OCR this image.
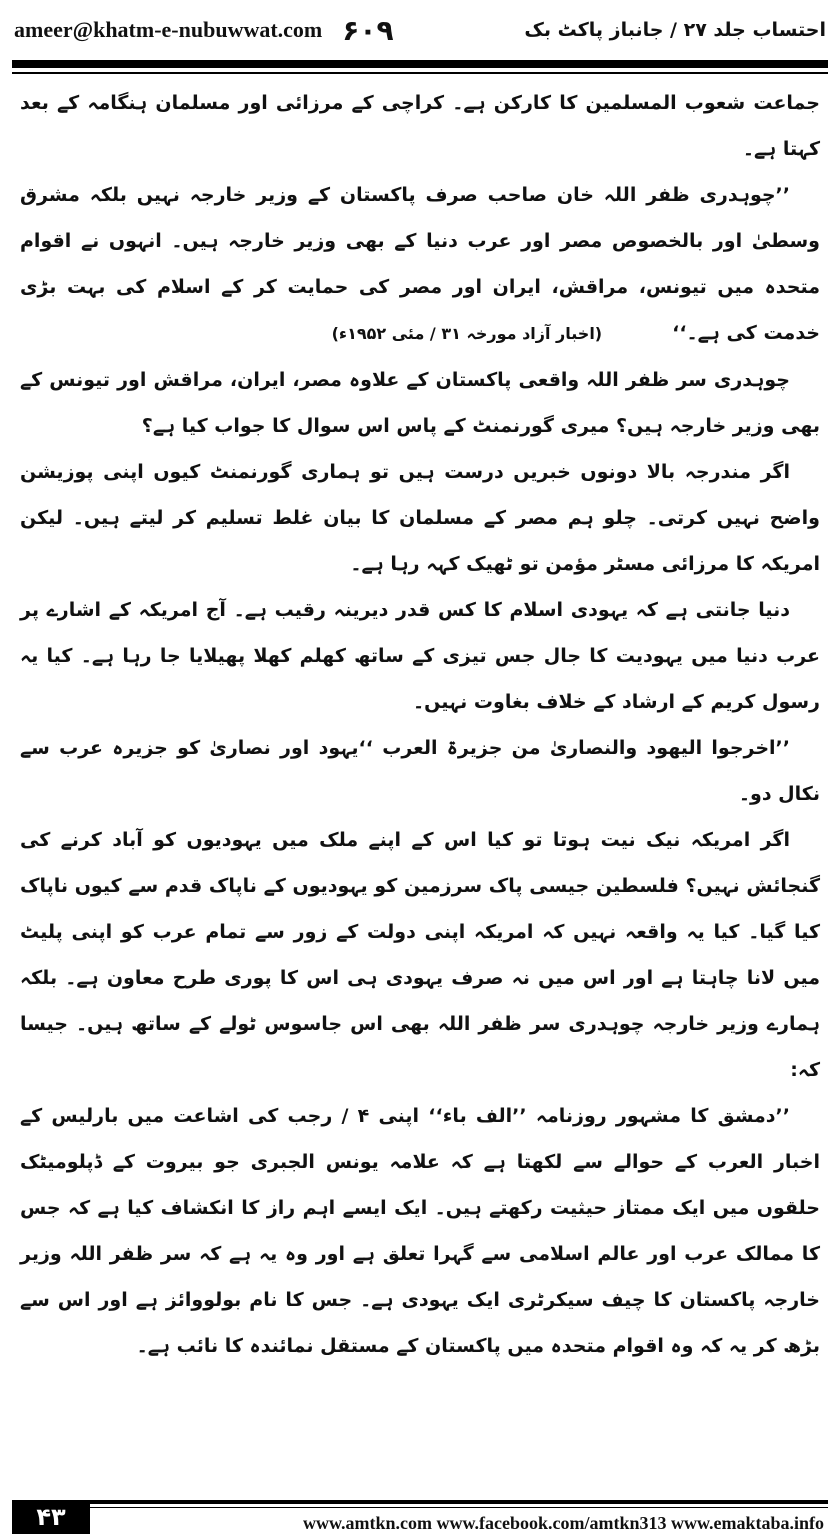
ameer@khatm-e-nubuwwat.com ۶۰۹	احتساب جلد ۲۷ / جانباز پاکٹ بک

جماعت شعوب المسلمین کا کارکن ہے۔ کراچی کے مرزائی اور مسلمان ہنگامہ کے بعد کہتا ہے۔

’’چوہدری ظفر اللہ خان صاحب صرف پاکستان کے وزیر خارجہ نہیں بلکہ مشرق وسطیٰ اور بالخصوص مصر اور عرب دنیا کے بھی وزیر خارجہ ہیں۔ انہوں نے اقوام متحدہ میں تیونس، مراقش، ایران اور مصر کی حمایت کر کے اسلام کی بہت بڑی خدمت کی ہے۔‘‘(اخبار آزاد مورخہ ۳۱ / مئی ۱۹۵۲ء)

چوہدری سر ظفر اللہ واقعی پاکستان کے علاوہ مصر، ایران، مراقش اور تیونس کے بھی وزیر خارجہ ہیں؟ میری گورنمنٹ کے پاس اس سوال کا جواب کیا ہے؟

اگر مندرجہ بالا دونوں خبریں درست ہیں تو ہماری گورنمنٹ کیوں اپنی پوزیشن واضح نہیں کرتی۔ چلو ہم مصر کے مسلمان کا بیان غلط تسلیم کر لیتے ہیں۔ لیکن امریکہ کا مرزائی مسٹر مؤمن تو ٹھیک کہہ رہا ہے۔

دنیا جانتی ہے کہ یہودی اسلام کا کس قدر دیرینہ رقیب ہے۔ آج امریکہ کے اشارے پر عرب دنیا میں یہودیت کا جال جس تیزی کے ساتھ کھلم کھلا پھیلایا جا رہا ہے۔ کیا یہ رسول کریم کے ارشاد کے خلاف بغاوت نہیں۔

’’اخرجوا الیھود والنصاریٰ من جزیرۃ العرب ‘‘یہود اور نصاریٰ کو جزیرہ عرب سے نکال دو۔

اگر امریکہ نیک نیت ہوتا تو کیا اس کے اپنے ملک میں یہودیوں کو آباد کرنے کی گنجائش نہیں؟ فلسطین جیسی پاک سرزمین کو یہودیوں کے ناپاک قدم سے کیوں ناپاک کیا گیا۔ کیا یہ واقعہ نہیں کہ امریکہ اپنی دولت کے زور سے تمام عرب کو اپنی پلیٹ میں لانا چاہتا ہے اور اس میں نہ صرف یہودی ہی اس کا پوری طرح معاون ہے۔ بلکہ ہمارے وزیر خارجہ چوہدری سر ظفر اللہ بھی اس جاسوس ٹولے کے ساتھ ہیں۔ جیسا کہ:

’’دمشق کا مشہور روزنامہ ’’الف باء‘‘ اپنی ۴ / رجب کی اشاعت میں بارلیس کے اخبار العرب کے حوالے سے لکھتا ہے کہ علامہ یونس الجبری جو بیروت کے ڈپلومیٹک حلقوں میں ایک ممتاز حیثیت رکھتے ہیں۔ ایک ایسے اہم راز کا انکشاف کیا ہے کہ جس کا ممالک عرب اور عالم اسلامی سے گہرا تعلق ہے اور وہ یہ ہے کہ سر ظفر اللہ وزیر خارجہ پاکستان کا چیف سیکرٹری ایک یہودی ہے۔ جس کا نام بولووائز ہے اور اس سے بڑھ کر یہ کہ وہ اقوام متحدہ میں پاکستان کے مستقل نمائندہ کا نائب ہے۔

۴۳	www.amtkn.com www.facebook.com/amtkn313 www.emaktaba.info
